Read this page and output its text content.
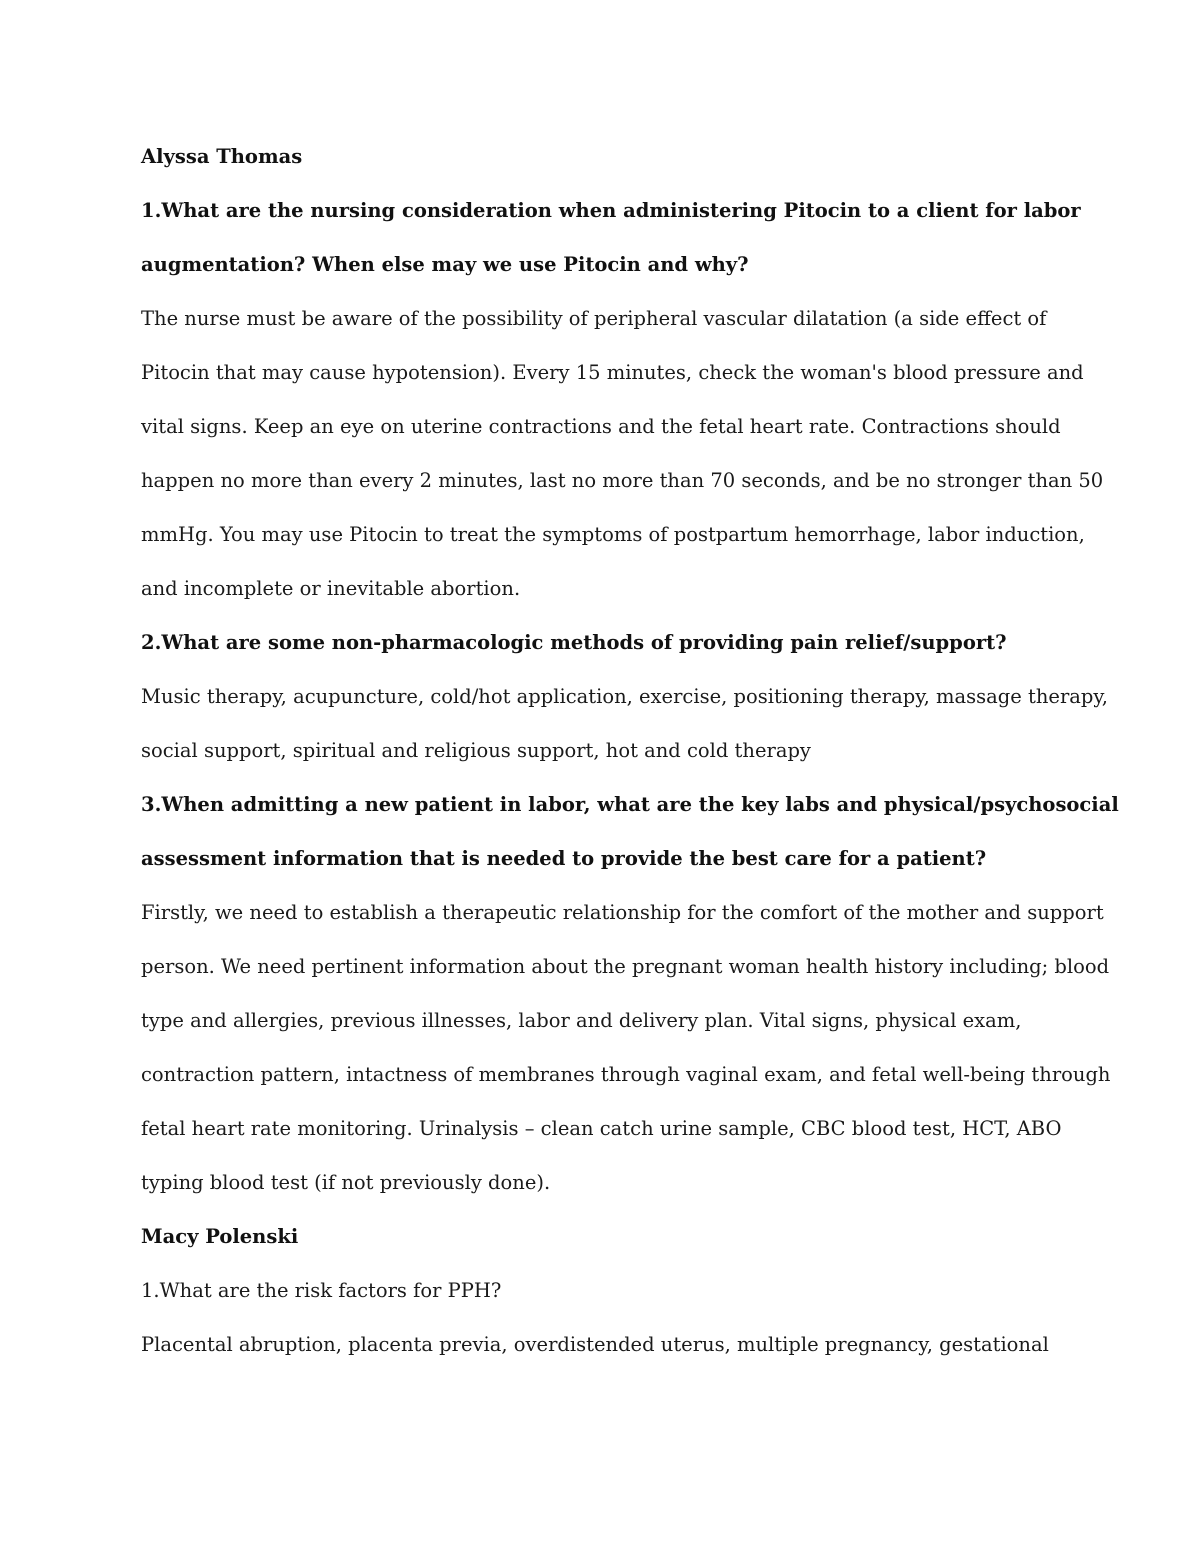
Alyssa Thomas
1.What are the nursing consideration when administering Pitocin to a client for labor
augmentation? When else may we use Pitocin and why?
The nurse must be aware of the possibility of peripheral vascular dilatation (a side effect of
Pitocin that may cause hypotension). Every 15 minutes, check the woman's blood pressure and
vital signs. Keep an eye on uterine contractions and the fetal heart rate. Contractions should
happen no more than every 2 minutes, last no more than 70 seconds, and be no stronger than 50
mmHg. You may use Pitocin to treat the symptoms of postpartum hemorrhage, labor induction,
and incomplete or inevitable abortion.
2.What are some non-pharmacologic methods of providing pain relief/support?
Music therapy, acupuncture, cold/hot application, exercise, positioning therapy, massage therapy,
social support, spiritual and religious support, hot and cold therapy
3.When admitting a new patient in labor, what are the key labs and physical/psychosocial
assessment information that is needed to provide the best care for a patient?
Firstly, we need to establish a therapeutic relationship for the comfort of the mother and support
person. We need pertinent information about the pregnant woman health history including; blood
type and allergies, previous illnesses, labor and delivery plan. Vital signs, physical exam,
contraction pattern, intactness of membranes through vaginal exam, and fetal well-being through
fetal heart rate monitoring. Urinalysis – clean catch urine sample, CBC blood test, HCT, ABO
typing blood test (if not previously done).
Macy Polenski
1.What are the risk factors for PPH?
Placental abruption, placenta previa, overdistended uterus, multiple pregnancy, gestational
